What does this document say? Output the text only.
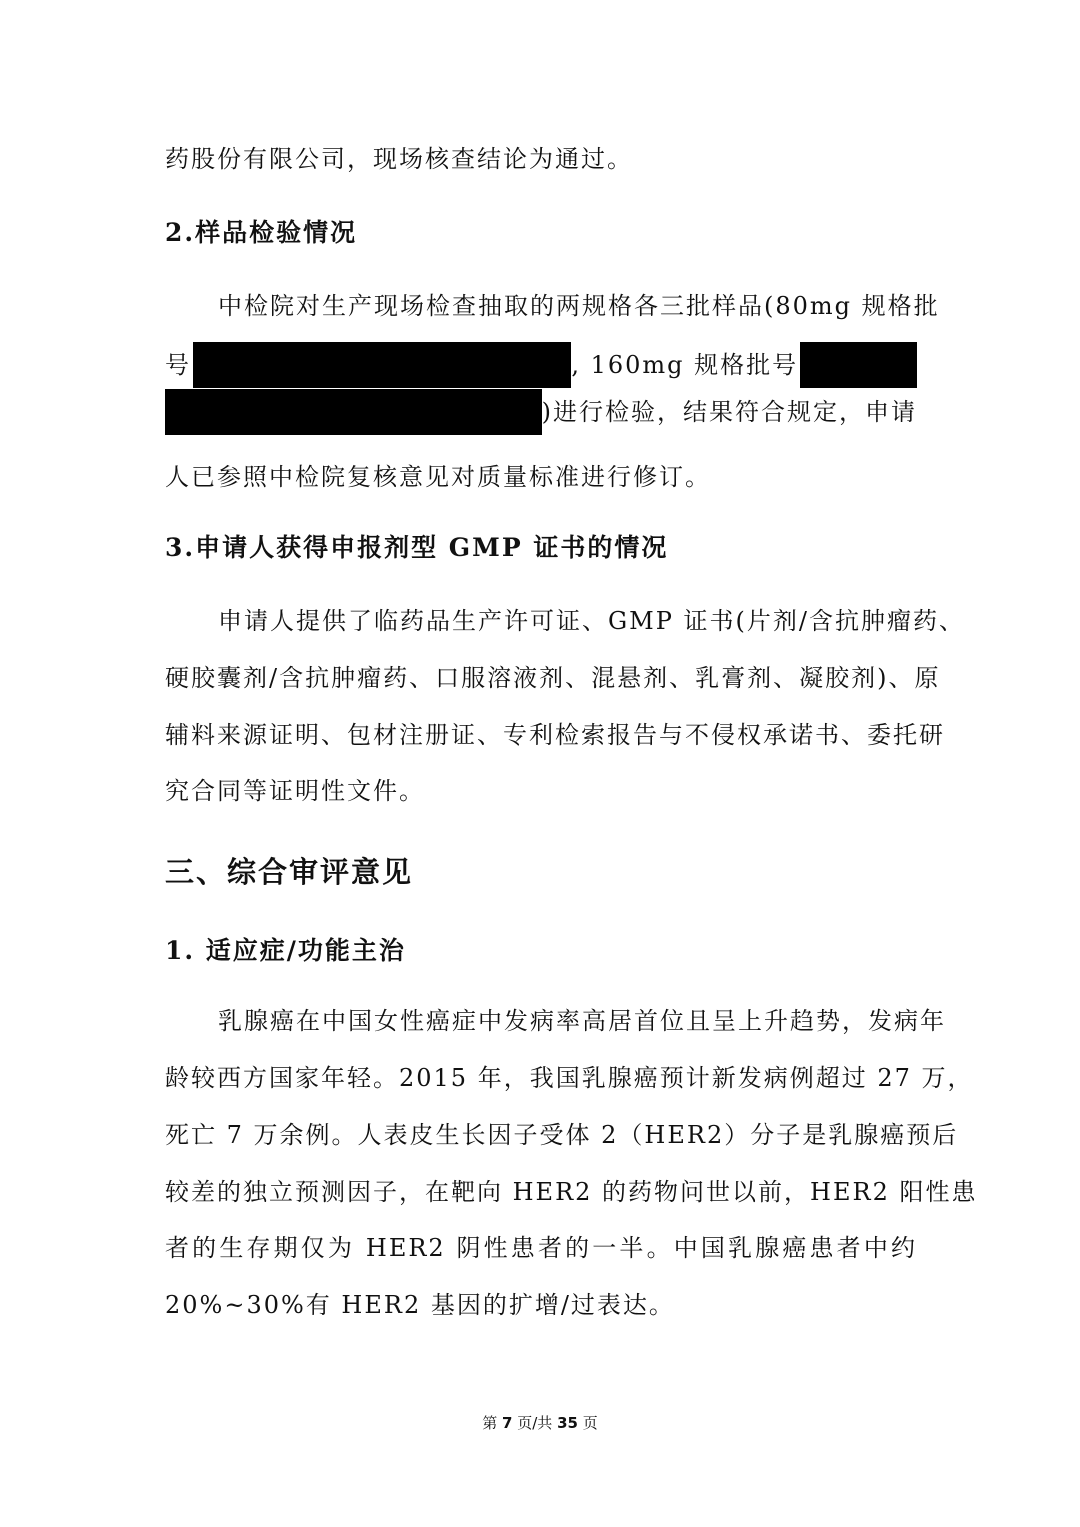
药股份有限公司，现场核查结论为通过。
2.样品检验情况
中检院对生产现场检查抽取的两规格各三批样品(80mg 规格批
号	, 160mg 规格批号
)进行检验，结果符合规定，申请
人已参照中检院复核意见对质量标准进行修订。
3.申请人获得申报剂型 GMP 证书的情况
申请人提供了临药品生产许可证、GMP 证书(片剂/含抗肿瘤药、
硬胶囊剂/含抗肿瘤药、口服溶液剂、混悬剂、乳膏剂、凝胶剂)、原
辅料来源证明、包材注册证、专利检索报告与不侵权承诺书、委托研
究合同等证明性文件。
三、综合审评意见
1. 适应症/功能主治
乳腺癌在中国女性癌症中发病率高居首位且呈上升趋势，发病年
龄较西方国家年轻。2015 年，我国乳腺癌预计新发病例超过 27 万，
死亡 7 万余例。人表皮生长因子受体 2（HER2）分子是乳腺癌预后
较差的独立预测因子，在靶向 HER2 的药物问世以前，HER2 阳性患
者的生存期仅为 HER2 阴性患者的一半。中国乳腺癌患者中约
20%~30%有 HER2 基因的扩增/过表达。
第 7 页/共 35 页
